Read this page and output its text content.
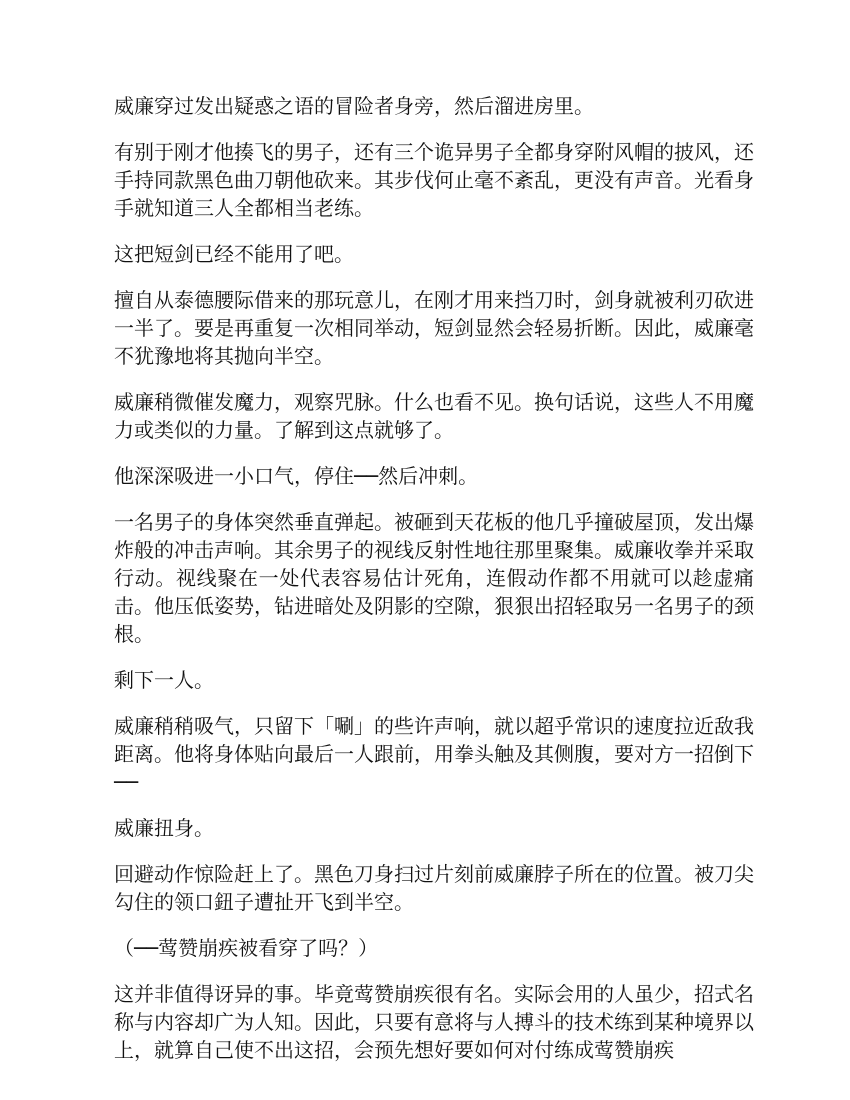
威廉穿过发出疑惑之语的冒险者身旁，然后溜进房里。

有别于刚才他揍飞的男子，还有三个诡异男子全都身穿附风帽的披风，还手持同款黑色曲刀朝他砍来。其步伐何止毫不紊乱，更没有声音。光看身手就知道三人全都相当老练。

这把短剑已经不能用了吧。

擅自从泰德腰际借来的那玩意儿，在刚才用来挡刀时，剑身就被利刃砍进一半了。要是再重复一次相同举动，短剑显然会轻易折断。因此，威廉毫不犹豫地将其抛向半空。

威廉稍微催发魔力，观察咒脉。什么也看不见。换句话说，这些人不用魔力或类似的力量。了解到这点就够了。

他深深吸进一小口气，停住──然后冲刺。

一名男子的身体突然垂直弹起。被砸到天花板的他几乎撞破屋顶，发出爆炸般的冲击声响。其余男子的视线反射性地往那里聚集。威廉收拳并采取行动。视线聚在一处代表容易估计死角，连假动作都不用就可以趁虚痛击。他压低姿势，钻进暗处及阴影的空隙，狠狠出招轻取另一名男子的颈根。

剩下一人。

威廉稍稍吸气，只留下「唰」的些许声响，就以超乎常识的速度拉近敌我距离。他将身体贴向最后一人跟前，用拳头触及其侧腹，要对方一招倒下──

威廉扭身。

回避动作惊险赶上了。黑色刀身扫过片刻前威廉脖子所在的位置。被刀尖勾住的领口鈕子遭扯开飞到半空。

（──莺赞崩疾被看穿了吗？）

这并非值得讶异的事。毕竟莺赞崩疾很有名。实际会用的人虽少，招式名称与内容却广为人知。因此，只要有意将与人搏斗的技术练到某种境界以上，就算自己使不出这招，会预先想好要如何对付练成莺赞崩疾
